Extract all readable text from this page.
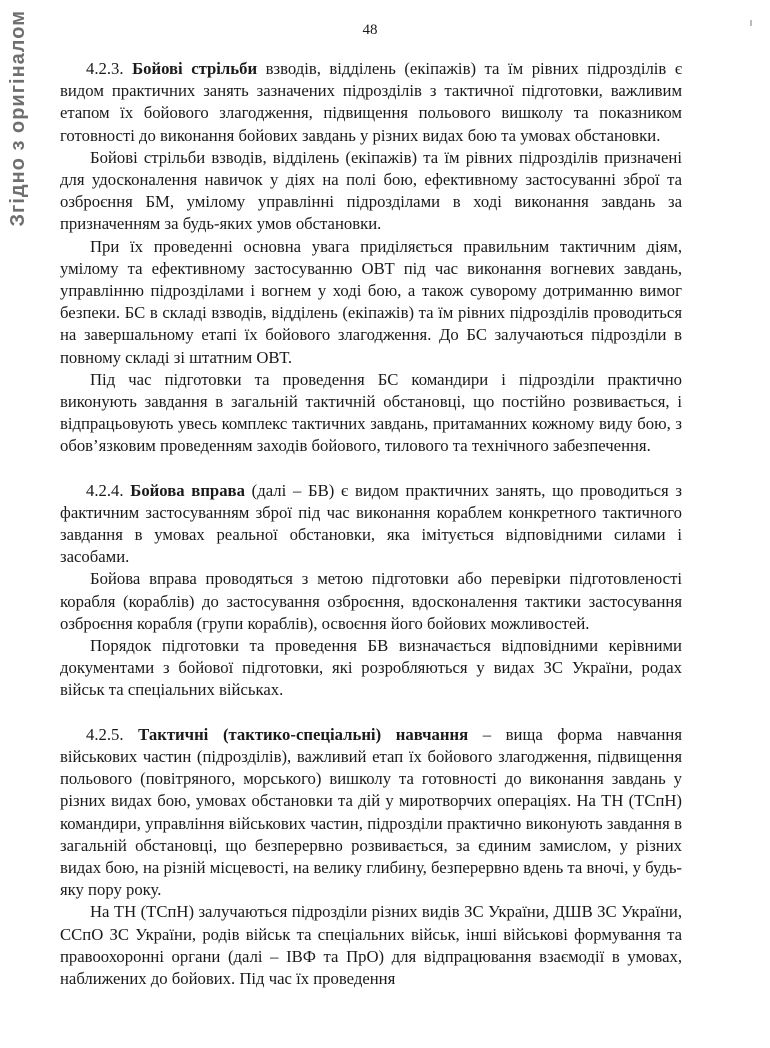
48
Згідно з оригіналом	4.2.3. Бойові стрільби взводів, відділень (екіпажів) та їм рівних підрозділів є видом практичних занять зазначених підрозділів з тактичної підготовки, важливим етапом їх бойового злагодження, підвищення польового вишколу та показником готовності до виконання бойових завдань у різних видах бою та умовах обстановки.

Бойові стрільби взводів, відділень (екіпажів) та їм рівних підрозділів призначені для удосконалення навичок у діях на полі бою, ефективному застосуванні зброї та озброєння БМ, умілому управлінні підрозділами в ході виконання завдань за призначенням за будь-яких умов обстановки.

При їх проведенні основна увага приділяється правильним тактичним діям, умілому та ефективному застосуванню ОВТ під час виконання вогневих завдань, управлінню підрозділами і вогнем у ході бою, а також суворому дотриманню вимог безпеки. БС в складі взводів, відділень (екіпажів) та їм рівних підрозділів проводиться на завершальному етапі їх бойового злагодження. До БС залучаються підрозділи в повному складі зі штатним ОВТ.

Під час підготовки та проведення БС командири і підрозділи практично виконують завдання в загальній тактичній обстановці, що постійно розвивається, і відпрацьовують увесь комплекс тактичних завдань, притаманних кожному виду бою, з обов’язковим проведенням заходів бойового, тилового та технічного забезпечення.

4.2.4. Бойова вправа (далі – БВ) є видом практичних занять, що проводиться з фактичним застосуванням зброї під час виконання кораблем конкретного тактичного завдання в умовах реальної обстановки, яка імітується відповідними силами і засобами.

Бойова вправа проводяться з метою підготовки або перевірки підготовленості корабля (кораблів) до застосування озброєння, вдосконалення тактики застосування озброєння корабля (групи кораблів), освоєння його бойових можливостей.

Порядок підготовки та проведення БВ визначається відповідними керівними документами з бойової підготовки, які розробляються у видах ЗС України, родах військ та спеціальних військах.

4.2.5. Тактичні (тактико-спеціальні) навчання – вища форма навчання військових частин (підрозділів), важливий етап їх бойового злагодження, підвищення польового (повітряного, морського) вишколу та готовності до виконання завдань у різних видах бою, умовах обстановки та дій у миротворчих операціях. На ТН (ТСпН) командири, управління військових частин, підрозділи практично виконують завдання в загальній обстановці, що безперервно розвивається, за єдиним замислом, у різних видах бою, на різній місцевості, на велику глибину, безперервно вдень та вночі, у будь-яку пору року.

На ТН (ТСпН) залучаються підрозділи різних видів ЗС України, ДШВ ЗС України, ССпО ЗС України, родів військ та спеціальних військ, інші військові формування та правоохоронні органи (далі – ІВФ та ПрО) для відпрацювання взаємодії в умовах, наближених до бойових. Під час їх проведення
